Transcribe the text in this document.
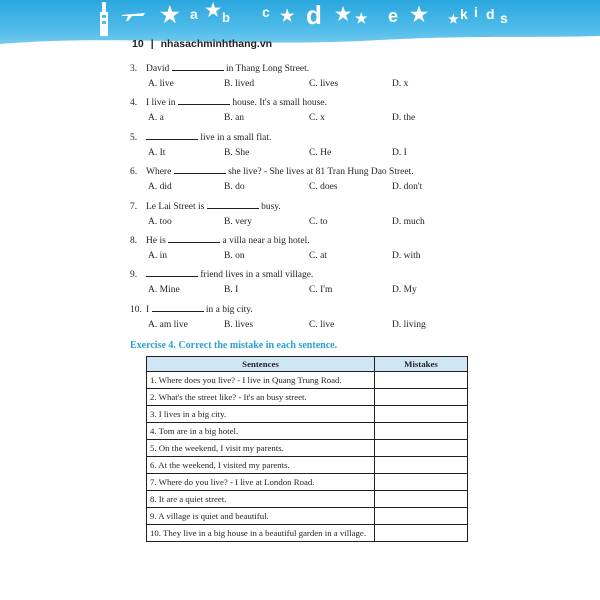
★ a ★ b c ★ d ★ ★ e ★ ★ k i d s
10 | nhasachminhthang.vn
3. David	in Thang Long Street.
A. live	B. lived	C. lives	D. x
4. I live in	house. It's a small house.
A. a	B. an	C. x	D. the
5.	live in a small flat.
A. It	B. She	C. He	D. I
6. Where	she live? - She lives at 81 Tran Hung Dao Street.
A. did	B. do	C. does	D. don't
7. Le Lai Street is	busy.
A. too	B. very	C. to	D. much
8. He is	a villa near a big hotel.
A. in	B. on	C. at	D. with
9.	friend lives in a small village.
A. Mine	B. I	C. I'm	D. My
10. I	in a big city.
A. am live	B. lives	C. live	D. living
Exercise 4. Correct the mistake in each sentence.
Sentences	Mistakes
1. Where does you live? - I live in Quang Trung Road.	
2. What's the street like? - It's an busy street.	
3. I lives in a big city.	
4. Tom are in a big hotel.	
5. On the weekend, I visit my parents.	
6. At the weekend, I visited my parents.	
7. Where do you live? - I live at London Road.	
8. It are a quiet street.	
9. A village is quiet and beautiful.	
10. They live in a big house in a beautiful garden in a village.	
